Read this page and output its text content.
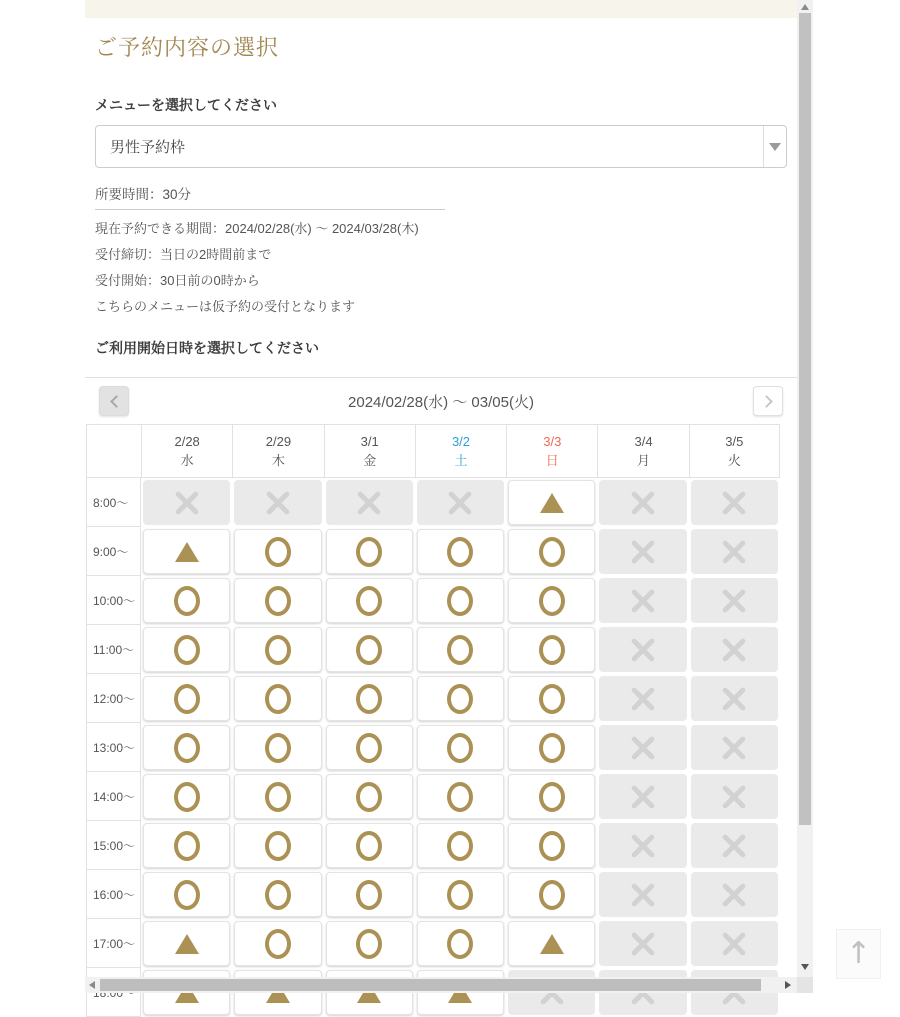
ご予約内容の選択
メニューを選択してください
男性予約枠
所要時間：30分
現在予約できる期間：2024/02/28(水) ～ 2024/03/28(木)
受付締切：当日の2時間前まで
受付開始：30日前の0時から
こちらのメニューは仮予約の受付となります
ご利用開始日時を選択してください
2024/02/28(水) ～ 03/05(火)
2/28
水
2/29
木
3/1
金
3/2
土
3/3
日
3/4
月
3/5
火
8:00～
9:00～
10:00～
11:00～
12:00～
13:00～
14:00～
15:00～
16:00～
17:00～	↑
